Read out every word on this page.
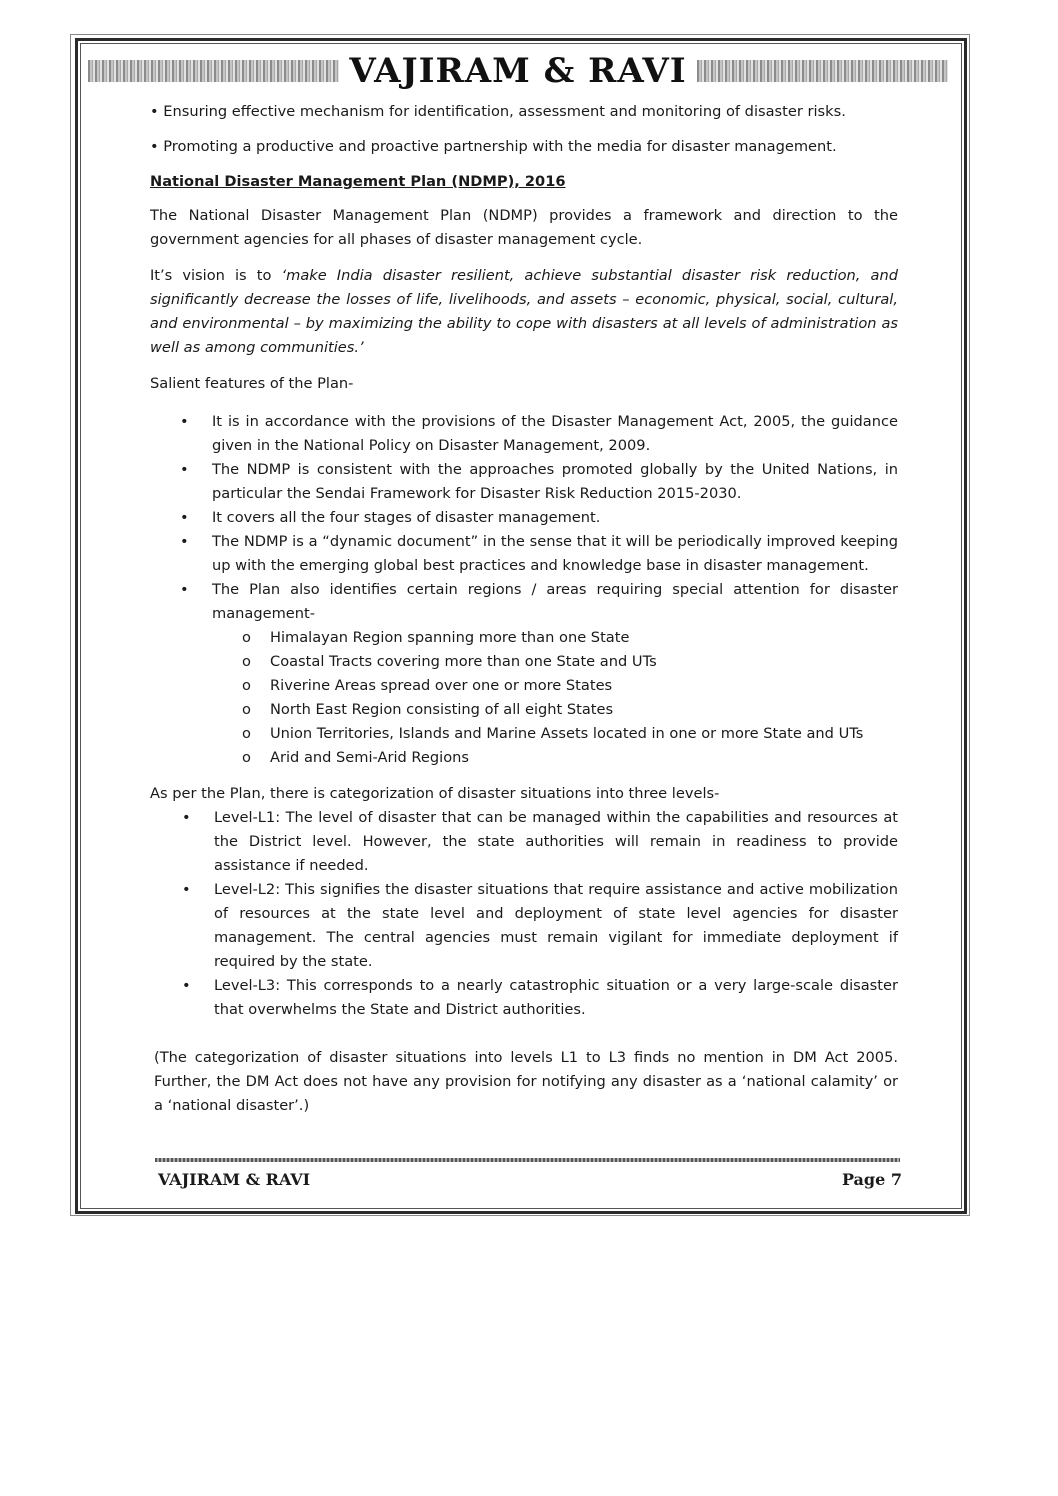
VAJIRAM & RAVI

• Ensuring effective mechanism for identification, assessment and monitoring of disaster risks.

• Promoting a productive and proactive partnership with the media for disaster management.

National Disaster Management Plan (NDMP), 2016

The National Disaster Management Plan (NDMP) provides a framework and direction to the government agencies for all phases of disaster management cycle.

It’s vision is to ‘make India disaster resilient, achieve substantial disaster risk reduction, and significantly decrease the losses of life, livelihoods, and assets – economic, physical, social, cultural, and environmental – by maximizing the ability to cope with disasters at all levels of administration as well as among communities.’

Salient features of the Plan-

• It is in accordance with the provisions of the Disaster Management Act, 2005, the guidance given in the National Policy on Disaster Management, 2009.
• The NDMP is consistent with the approaches promoted globally by the United Nations, in particular the Sendai Framework for Disaster Risk Reduction 2015-2030.
• It covers all the four stages of disaster management.
• The NDMP is a “dynamic document” in the sense that it will be periodically improved keeping up with the emerging global best practices and knowledge base in disaster management.
• The Plan also identifies certain regions / areas requiring special attention for disaster management-
o Himalayan Region spanning more than one State
o Coastal Tracts covering more than one State and UTs
o Riverine Areas spread over one or more States
o North East Region consisting of all eight States
o Union Territories, Islands and Marine Assets located in one or more State and UTs
o Arid and Semi-Arid Regions

As per the Plan, there is categorization of disaster situations into three levels-

• Level-L1: The level of disaster that can be managed within the capabilities and resources at the District level. However, the state authorities will remain in readiness to provide assistance if needed.
• Level-L2: This signifies the disaster situations that require assistance and active mobilization of resources at the state level and deployment of state level agencies for disaster management. The central agencies must remain vigilant for immediate deployment if required by the state.
• Level-L3: This corresponds to a nearly catastrophic situation or a very large-scale disaster that overwhelms the State and District authorities.

(The categorization of disaster situations into levels L1 to L3 finds no mention in DM Act 2005. Further, the DM Act does not have any provision for notifying any disaster as a ‘national calamity’ or a ‘national disaster’.)

VAJIRAM & RAVI	Page 7
